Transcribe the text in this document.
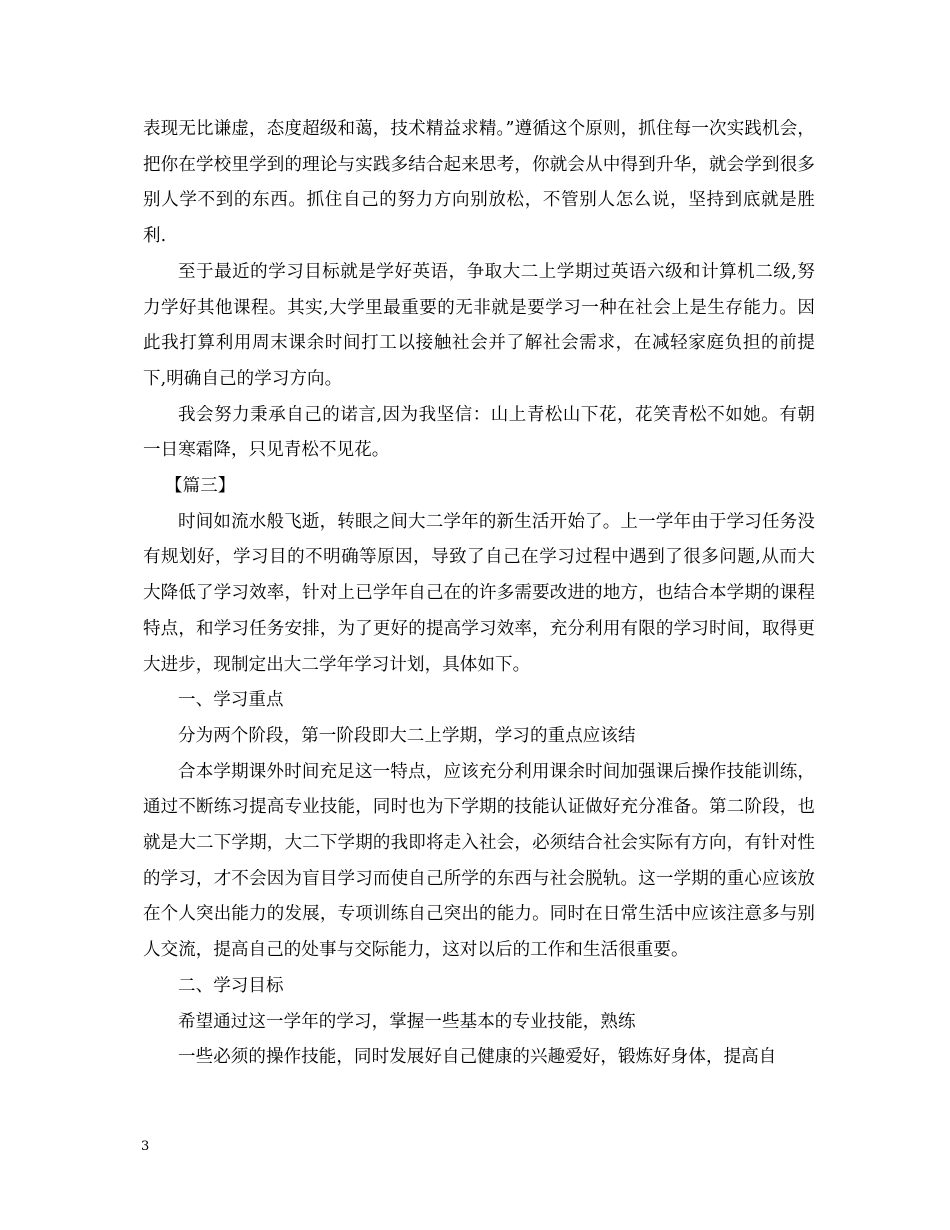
表现无比谦虚，态度超级和蔼，技术精益求精。”遵循这个原则，抓住每一次实践机会，把你在学校里学到的理论与实践多结合起来思考，你就会从中得到升华，就会学到很多别人学不到的东西。抓住自己的努力方向别放松，不管别人怎么说，坚持到底就是胜利.

至于最近的学习目标就是学好英语，争取大二上学期过英语六级和计算机二级,努力学好其他课程。其实,大学里最重要的无非就是要学习一种在社会上是生存能力。因此我打算利用周末课余时间打工以接触社会并了解社会需求，在减轻家庭负担的前提下,明确自己的学习方向。

我会努力秉承自己的诺言,因为我坚信：山上青松山下花，花笑青松不如她。有朝一日寒霜降，只见青松不见花。

【篇三】

时间如流水般飞逝，转眼之间大二学年的新生活开始了。上一学年由于学习任务没有规划好，学习目的不明确等原因，导致了自己在学习过程中遇到了很多问题,从而大大降低了学习效率，针对上已学年自己在的许多需要改进的地方，也结合本学期的课程特点，和学习任务安排，为了更好的提高学习效率，充分利用有限的学习时间，取得更大进步，现制定出大二学年学习计划，具体如下。

一、学习重点

分为两个阶段，第一阶段即大二上学期，学习的重点应该结

合本学期课外时间充足这一特点，应该充分利用课余时间加强课后操作技能训练，通过不断练习提高专业技能，同时也为下学期的技能认证做好充分准备。第二阶段，也就是大二下学期，大二下学期的我即将走入社会，必须结合社会实际有方向，有针对性的学习，才不会因为盲目学习而使自己所学的东西与社会脱轨。这一学期的重心应该放在个人突出能力的发展，专项训练自己突出的能力。同时在日常生活中应该注意多与别人交流，提高自己的处事与交际能力，这对以后的工作和生活很重要。

二、学习目标

希望通过这一学年的学习，掌握一些基本的专业技能，熟练

一些必须的操作技能，同时发展好自己健康的兴趣爱好，锻炼好身体，提高自

3
